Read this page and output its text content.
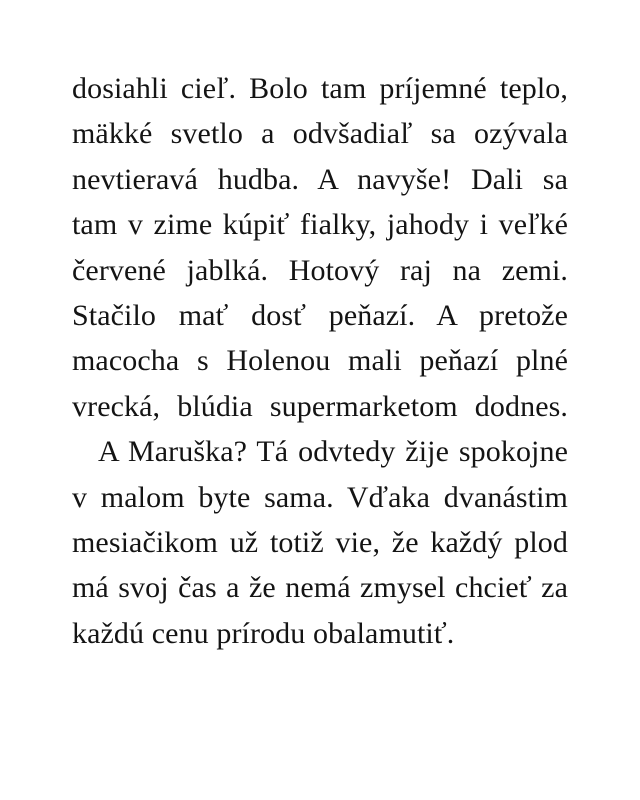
dosiahli cieľ. Bolo tam príjemné teplo,
mäkké svetlo a odvšadiaľ sa ozývala
nevtieravá hudba. A navyše! Dali sa
tam v zime kúpiť fialky, jahody i veľké
červené jablká. Hotový raj na zemi.
Stačilo mať dosť peňazí. A pretože
macocha s Holenou mali peňazí plné
vrecká, blúdia supermarketom dodnes.
A Maruška? Tá odvtedy žije spokojne
v malom byte sama. Vďaka dvanástim
mesiačikom už totiž vie, že každý plod
má svoj čas a že nemá zmysel chcieť za
každú cenu prírodu obalamutiť.
